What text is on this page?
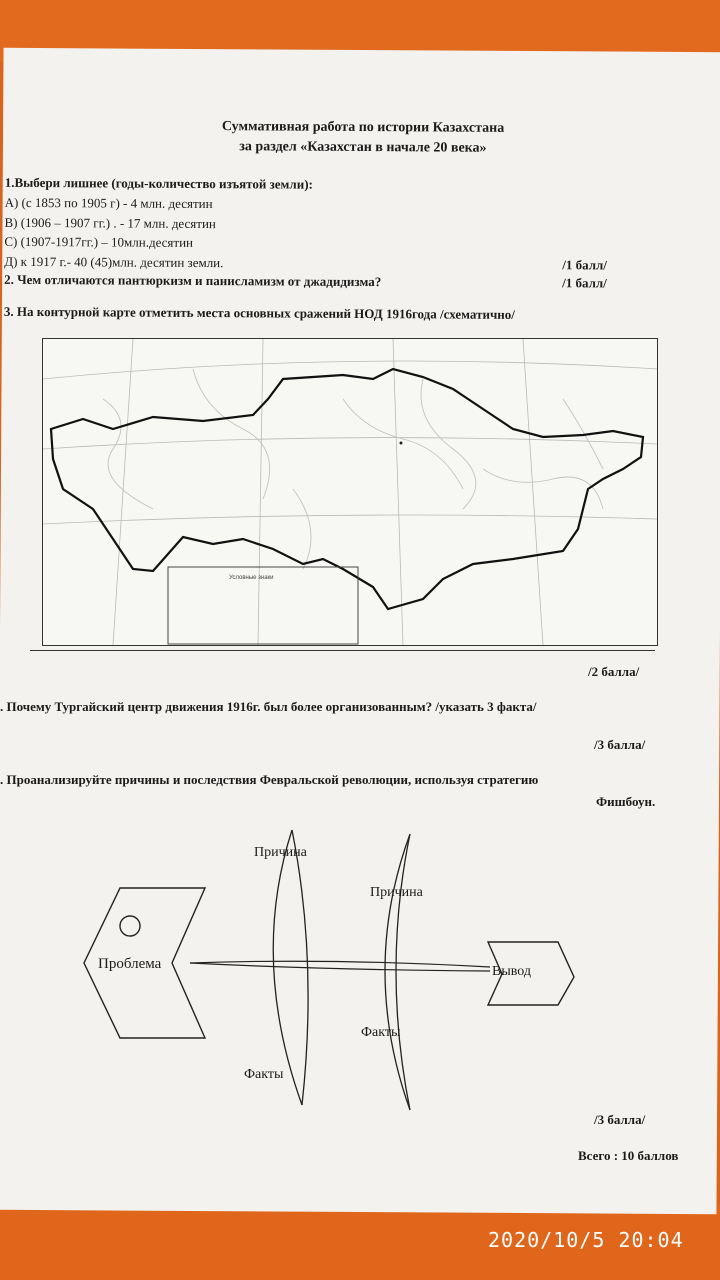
Суммативная работа по истории Казахстана
за раздел «Казахстан в начале 20 века»
1.Выбери лишнее (годы-количество изъятой земли):
А) (с 1853 по 1905 г) - 4 млн. десятин
В) (1906 – 1907 гг.) . - 17 млн. десятин
С) (1907-1917гг.) – 10млн.десятин
Д) к 1917 г.- 40 (45)млн. десятин земли.	/1 балл/
2. Чем отличаются пантюркизм и панисламизм от джадидизма?	/1 балл/
3. На контурной карте отметить места основных сражений НОД 1916года /схематично/
Условные знаки
/2 балла/
. Почему Тургайский центр движения 1916г. был более организованным? /указать 3 факта/
/3 балла/
. Проанализируйте причины и последствия Февральской революции, используя стратегию
Фишбоун.
Проблема
Причина
Причина
Факты
Факты
Вывод
/3 балла/
Всего : 10 баллов
2020/10/5 20:04
